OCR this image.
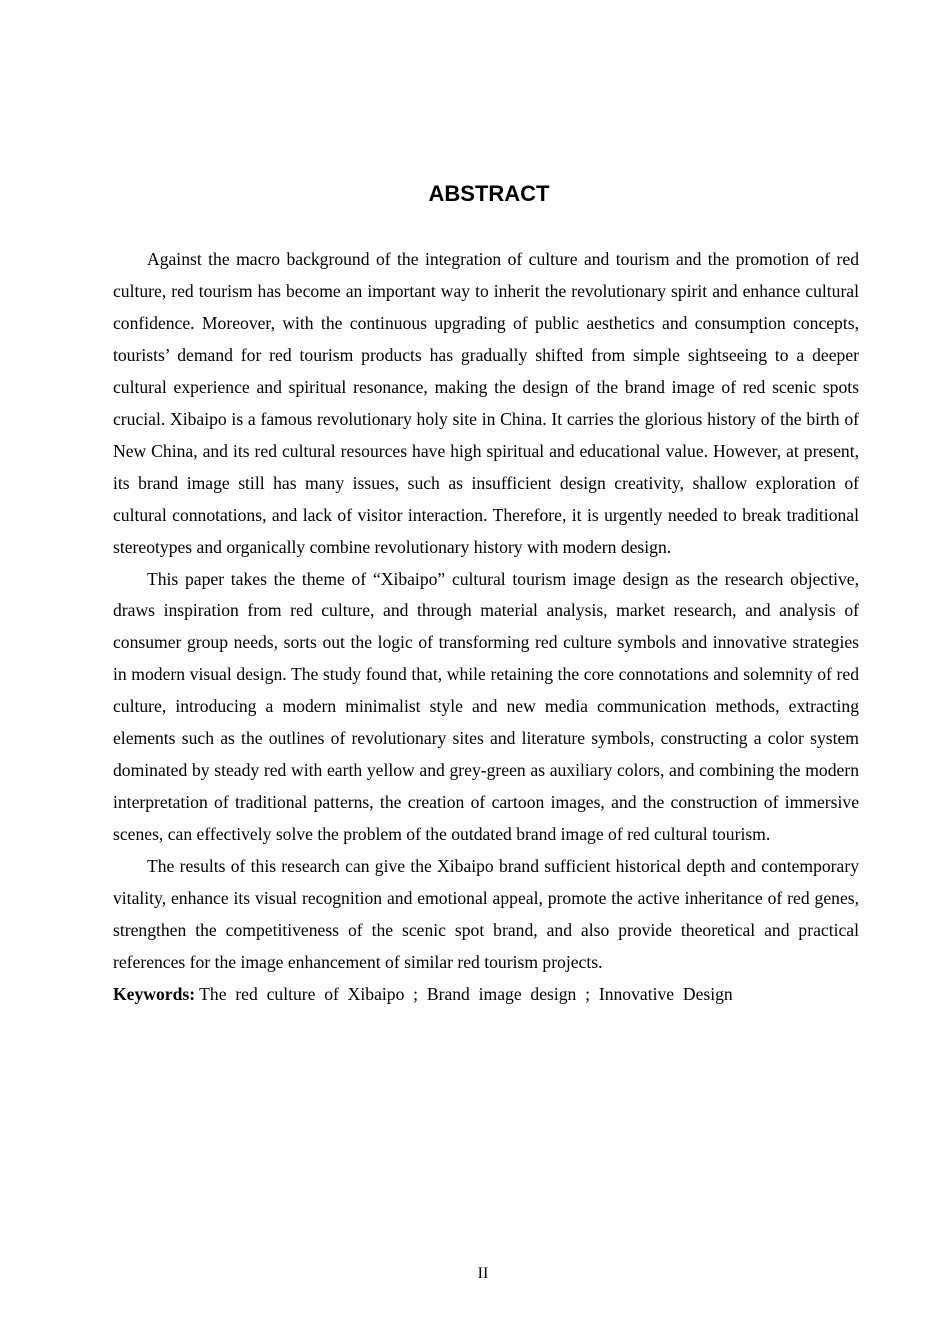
ABSTRACT

Against the macro background of the integration of culture and tourism and the promotion of red culture, red tourism has become an important way to inherit the revolutionary spirit and enhance cultural confidence. Moreover, with the continuous upgrading of public aesthetics and consumption concepts, tourists’ demand for red tourism products has gradually shifted from simple sightseeing to a deeper cultural experience and spiritual resonance, making the design of the brand image of red scenic spots crucial. Xibaipo is a famous revolutionary holy site in China. It carries the glorious history of the birth of New China, and its red cultural resources have high spiritual and educational value. However, at present, its brand image still has many issues, such as insufficient design creativity, shallow exploration of cultural connotations, and lack of visitor interaction. Therefore, it is urgently needed to break traditional stereotypes and organically combine revolutionary history with modern design.

This paper takes the theme of “Xibaipo” cultural tourism image design as the research objective, draws inspiration from red culture, and through material analysis, market research, and analysis of consumer group needs, sorts out the logic of transforming red culture symbols and innovative strategies in modern visual design. The study found that, while retaining the core connotations and solemnity of red culture, introducing a modern minimalist style and new media communication methods, extracting elements such as the outlines of revolutionary sites and literature symbols, constructing a color system dominated by steady red with earth yellow and grey-green as auxiliary colors, and combining the modern interpretation of traditional patterns, the creation of cartoon images, and the construction of immersive scenes, can effectively solve the problem of the outdated brand image of red cultural tourism.

The results of this research can give the Xibaipo brand sufficient historical depth and contemporary vitality, enhance its visual recognition and emotional appeal, promote the active inheritance of red genes, strengthen the competitiveness of the scenic spot brand, and also provide theoretical and practical references for the image enhancement of similar red tourism projects.

Keywords: The  red  culture  of  Xibaipo  ;  Brand  image  design  ;  Innovative  Design
II
